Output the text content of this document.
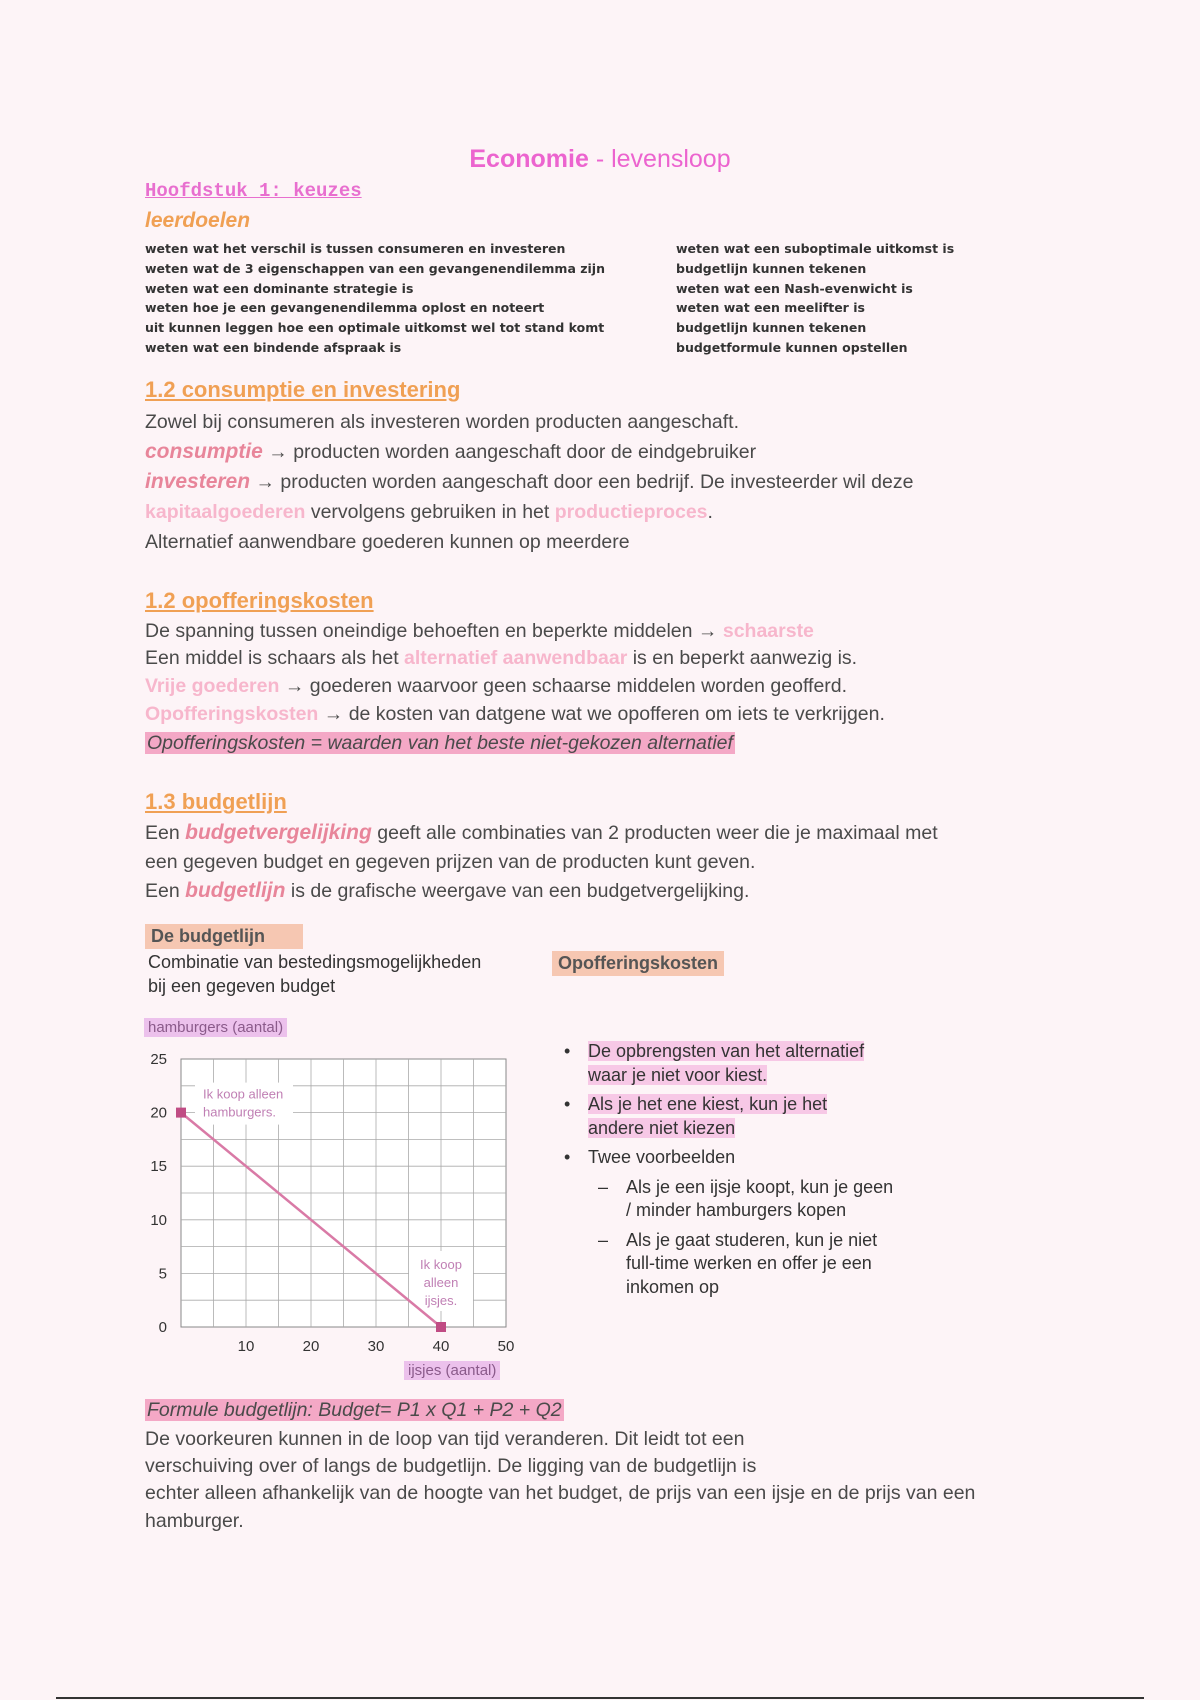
Economie - levensloop
Hoofdstuk 1: keuzes
leerdoelen
weten wat het verschil is tussen consumeren en investeren
weten wat de 3 eigenschappen van een gevangenendilemma zijn
weten wat een dominante strategie is
weten hoe je een gevangenendilemma oplost en noteert
uit kunnen leggen hoe een optimale uitkomst wel tot stand komt
weten wat een bindende afspraak is
weten wat een suboptimale uitkomst is
budgetlijn kunnen tekenen
weten wat een Nash-evenwicht is
weten wat een meelifter is
budgetlijn kunnen tekenen
budgetformule kunnen opstellen
1.2 consumptie en investering
Zowel bij consumeren als investeren worden producten aangeschaft.
consumptie → producten worden aangeschaft door de eindgebruiker
investeren → producten worden aangeschaft door een bedrijf. De investeerder wil deze
kapitaalgoederen vervolgens gebruiken in het productieproces.
Alternatief aanwendbare goederen kunnen op meerdere
1.2 opofferingskosten
De spanning tussen oneindige behoeften en beperkte middelen → schaarste
Een middel is schaars als het alternatief aanwendbaar is en beperkt aanwezig is.
Vrije goederen → goederen waarvoor geen schaarse middelen worden geofferd.
Opofferingskosten → de kosten van datgene wat we opofferen om iets te verkrijgen.
Opofferingskosten = waarden van het beste niet-gekozen alternatief
1.3 budgetlijn
Een budgetvergelijking geeft alle combinaties van 2 producten weer die je maximaal met
een gegeven budget en gegeven prijzen van de producten kunt geven.
Een budgetlijn is de grafische weergave van een budgetvergelijking.
De budgetlijn
Combinatie van bestedingsmogelijkheden
bij een gegeven budget
Opofferingskosten
hamburgers (aantal)
0
5
10
15
20
25
10	20	30	40	50
Ik koop alleen
hamburgers.
Ik koop
alleen
ijsjes.
ijsjes (aantal)
• De opbrengsten van het alternatief waar je niet voor kiest.
• Als je het ene kiest, kun je het andere niet kiezen
• Twee voorbeelden
– Als je een ijsje koopt, kun je geen / minder hamburgers kopen
– Als je gaat studeren, kun je niet full-time werken en offer je een inkomen op
Formule budgetlijn: Budget= P1 x Q1 + P2 + Q2
De voorkeuren kunnen in de loop van tijd veranderen. Dit leidt tot een
verschuiving over of langs de budgetlijn. De ligging van de budgetlijn is
echter alleen afhankelijk van de hoogte van het budget, de prijs van een ijsje en de prijs van een
hamburger.
